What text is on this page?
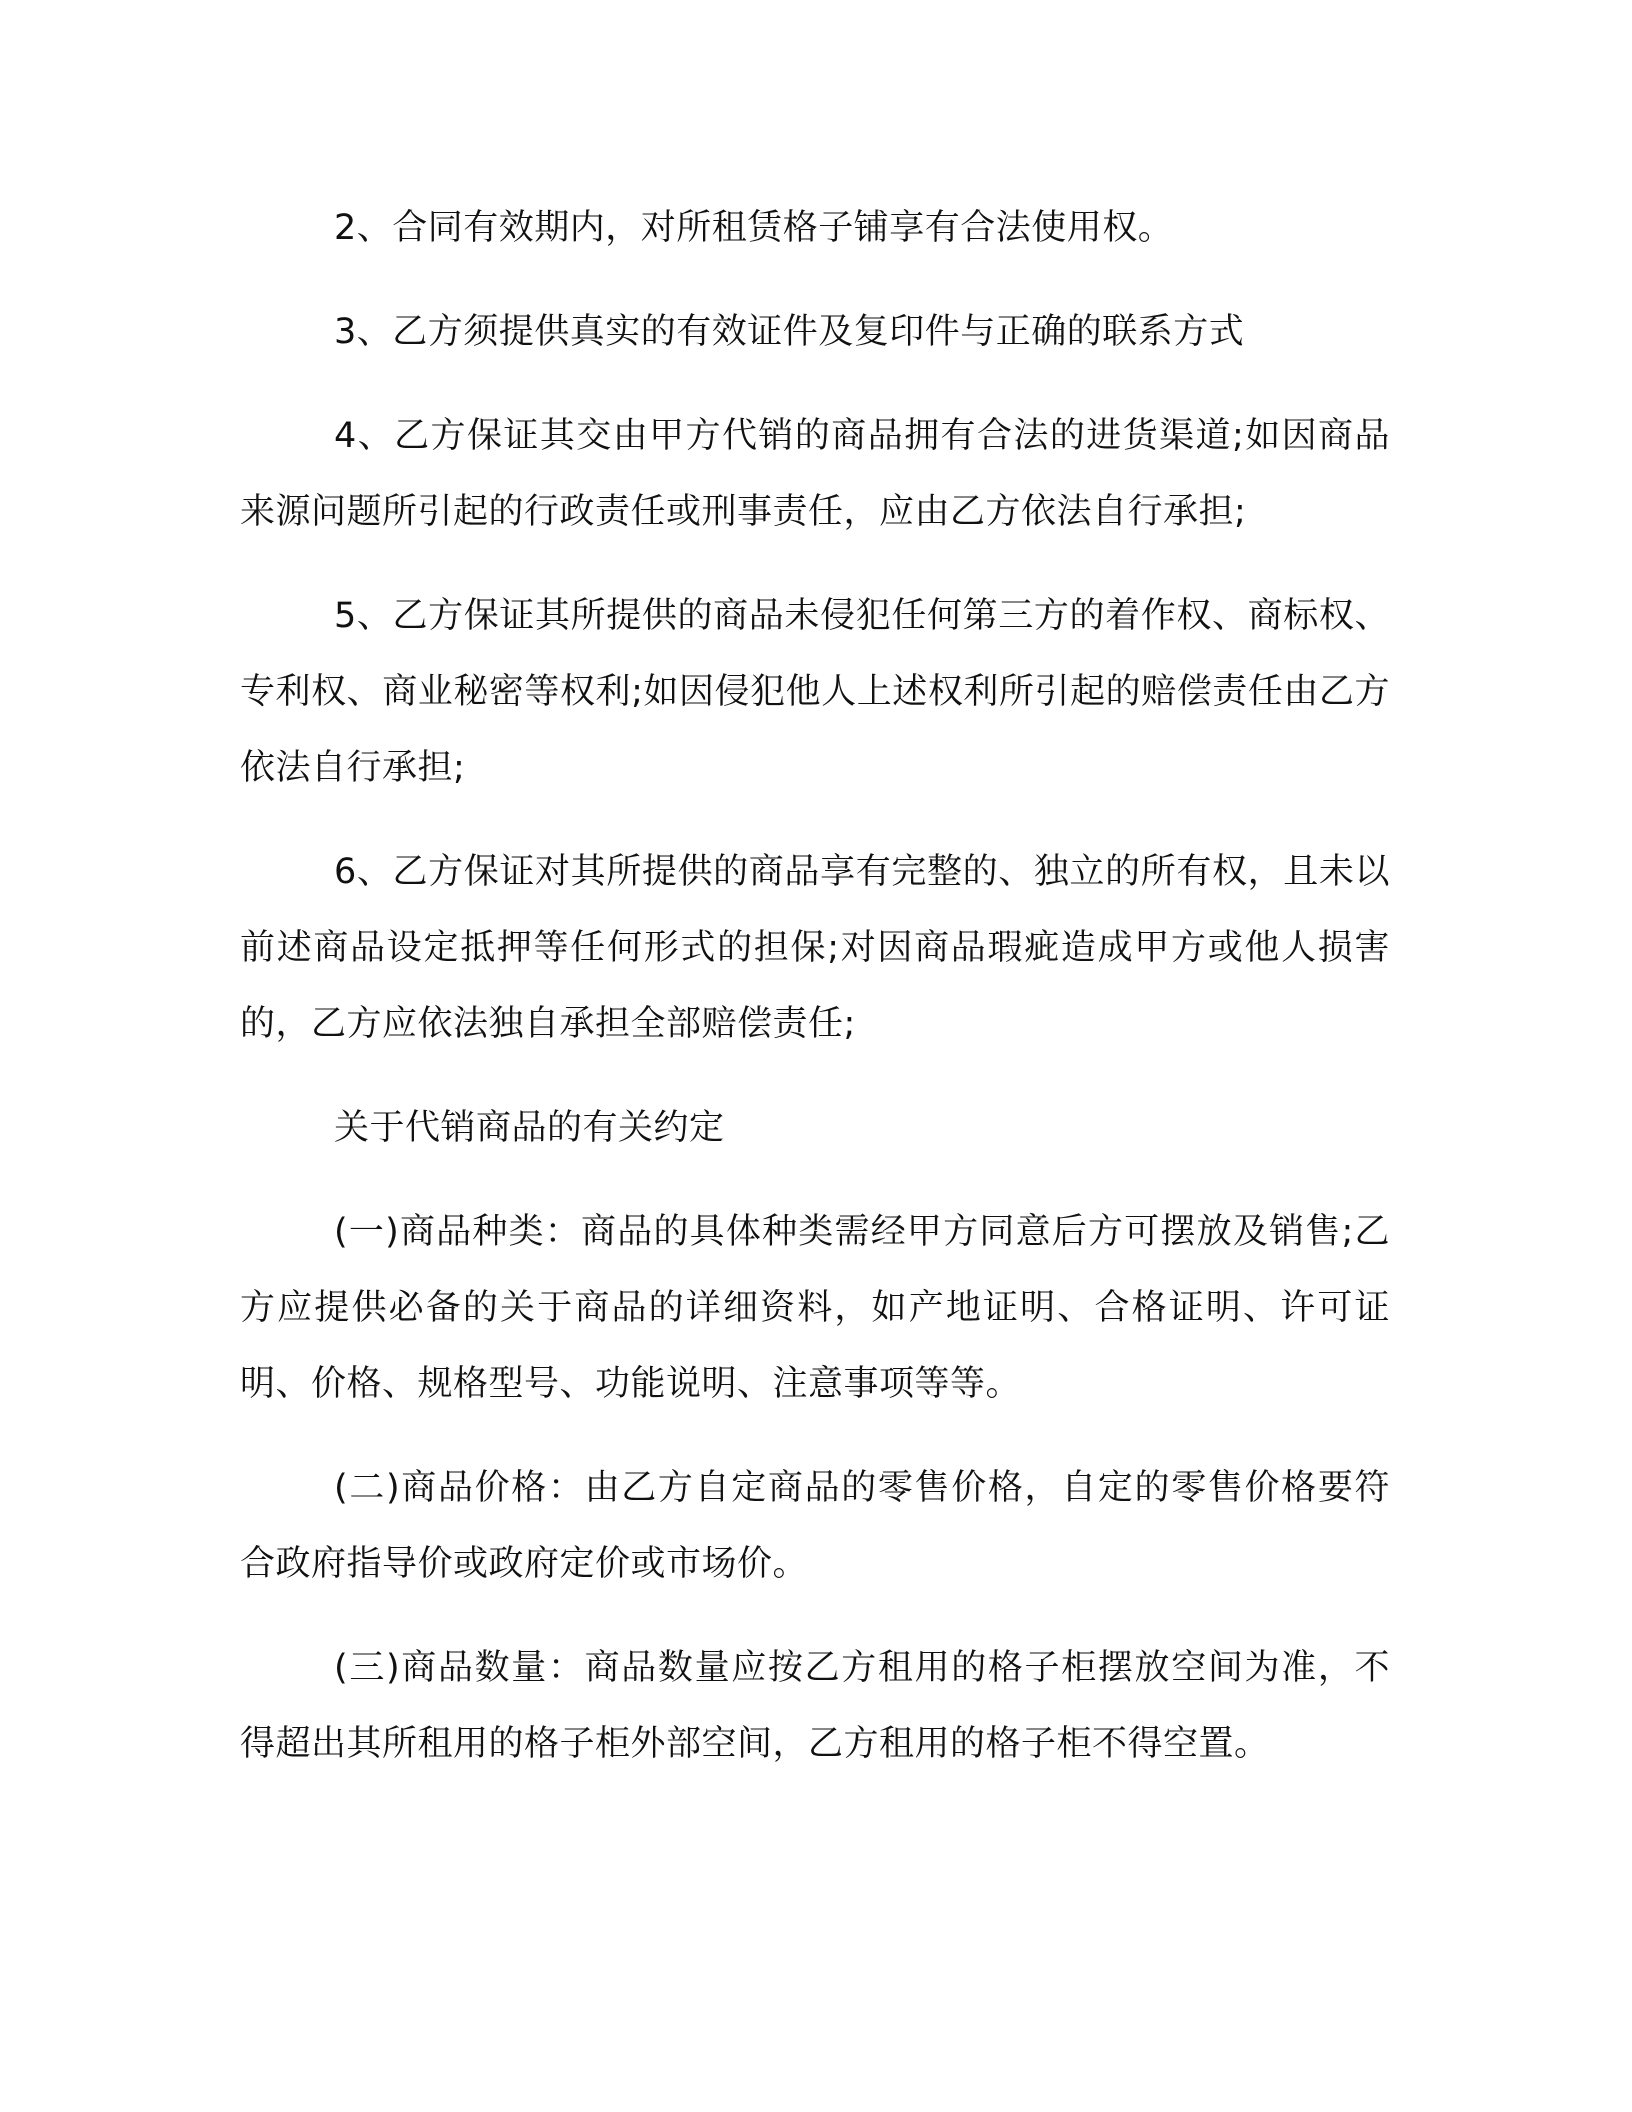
2、合同有效期内，对所租赁格子铺享有合法使用权。

3、乙方须提供真实的有效证件及复印件与正确的联系方式

4、乙方保证其交由甲方代销的商品拥有合法的进货渠道;如因商品来源问题所引起的行政责任或刑事责任，应由乙方依法自行承担;

5、乙方保证其所提供的商品未侵犯任何第三方的着作权、商标权、专利权、商业秘密等权利;如因侵犯他人上述权利所引起的赔偿责任由乙方依法自行承担;

6、乙方保证对其所提供的商品享有完整的、独立的所有权，且未以前述商品设定抵押等任何形式的担保;对因商品瑕疵造成甲方或他人损害的，乙方应依法独自承担全部赔偿责任;

关于代销商品的有关约定

(一)商品种类：商品的具体种类需经甲方同意后方可摆放及销售;乙方应提供必备的关于商品的详细资料，如产地证明、合格证明、许可证明、价格、规格型号、功能说明、注意事项等等。

(二)商品价格：由乙方自定商品的零售价格，自定的零售价格要符合政府指导价或政府定价或市场价。

(三)商品数量：商品数量应按乙方租用的格子柜摆放空间为准，不得超出其所租用的格子柜外部空间，乙方租用的格子柜不得空置。
